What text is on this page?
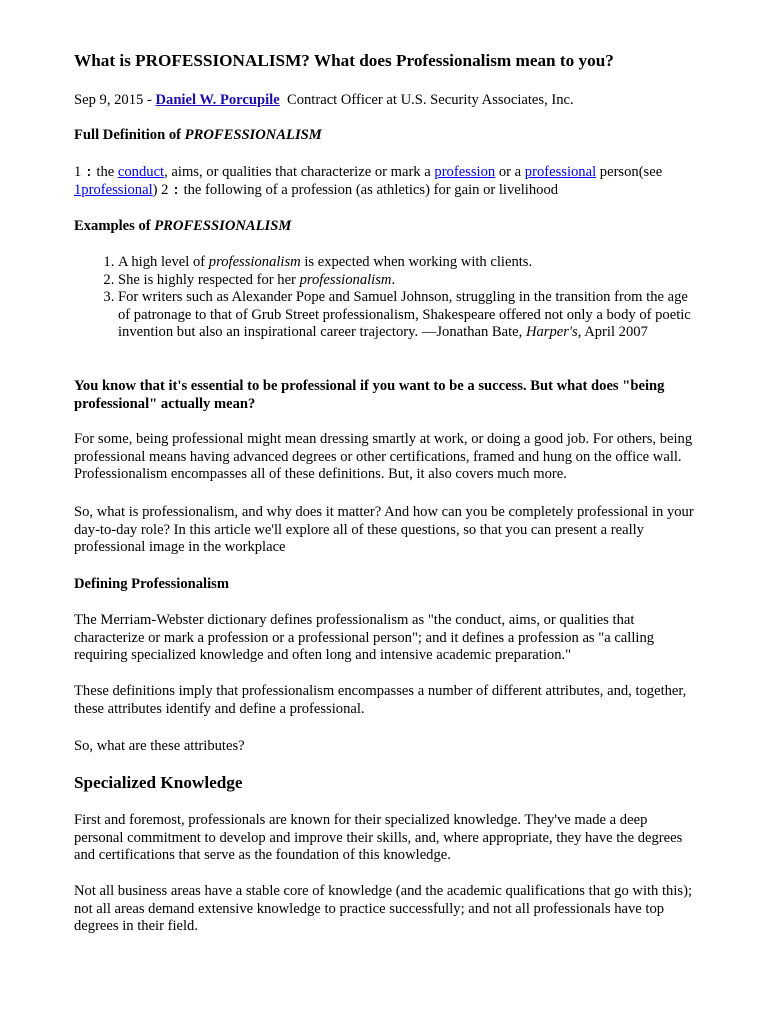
What is PROFESSIONALISM? What does Professionalism mean to you?

Sep 9, 2015 - Daniel W. Porcupile Contract Officer at U.S. Security Associates, Inc.

Full Definition of PROFESSIONALISM

1 : the conduct, aims, or qualities that characterize or mark a profession or a professional person(see 1professional) 2 : the following of a profession (as athletics) for gain or livelihood

Examples of PROFESSIONALISM

1. A high level of professionalism is expected when working with clients.
2. She is highly respected for her professionalism.
3. For writers such as Alexander Pope and Samuel Johnson, struggling in the transition from the age of patronage to that of Grub Street professionalism, Shakespeare offered not only a body of poetic invention but also an inspirational career trajectory. —Jonathan Bate, Harper's, April 2007

You know that it's essential to be professional if you want to be a success. But what does "being professional" actually mean?

For some, being professional might mean dressing smartly at work, or doing a good job. For others, being professional means having advanced degrees or other certifications, framed and hung on the office wall. Professionalism encompasses all of these definitions. But, it also covers much more.

So, what is professionalism, and why does it matter? And how can you be completely professional in your day-to-day role? In this article we'll explore all of these questions, so that you can present a really professional image in the workplace

Defining Professionalism

The Merriam-Webster dictionary defines professionalism as "the conduct, aims, or qualities that characterize or mark a profession or a professional person"; and it defines a profession as "a calling requiring specialized knowledge and often long and intensive academic preparation."

These definitions imply that professionalism encompasses a number of different attributes, and, together, these attributes identify and define a professional.

So, what are these attributes?

Specialized Knowledge

First and foremost, professionals are known for their specialized knowledge. They've made a deep personal commitment to develop and improve their skills, and, where appropriate, they have the degrees and certifications that serve as the foundation of this knowledge.

Not all business areas have a stable core of knowledge (and the academic qualifications that go with this); not all areas demand extensive knowledge to practice successfully; and not all professionals have top degrees in their field.
